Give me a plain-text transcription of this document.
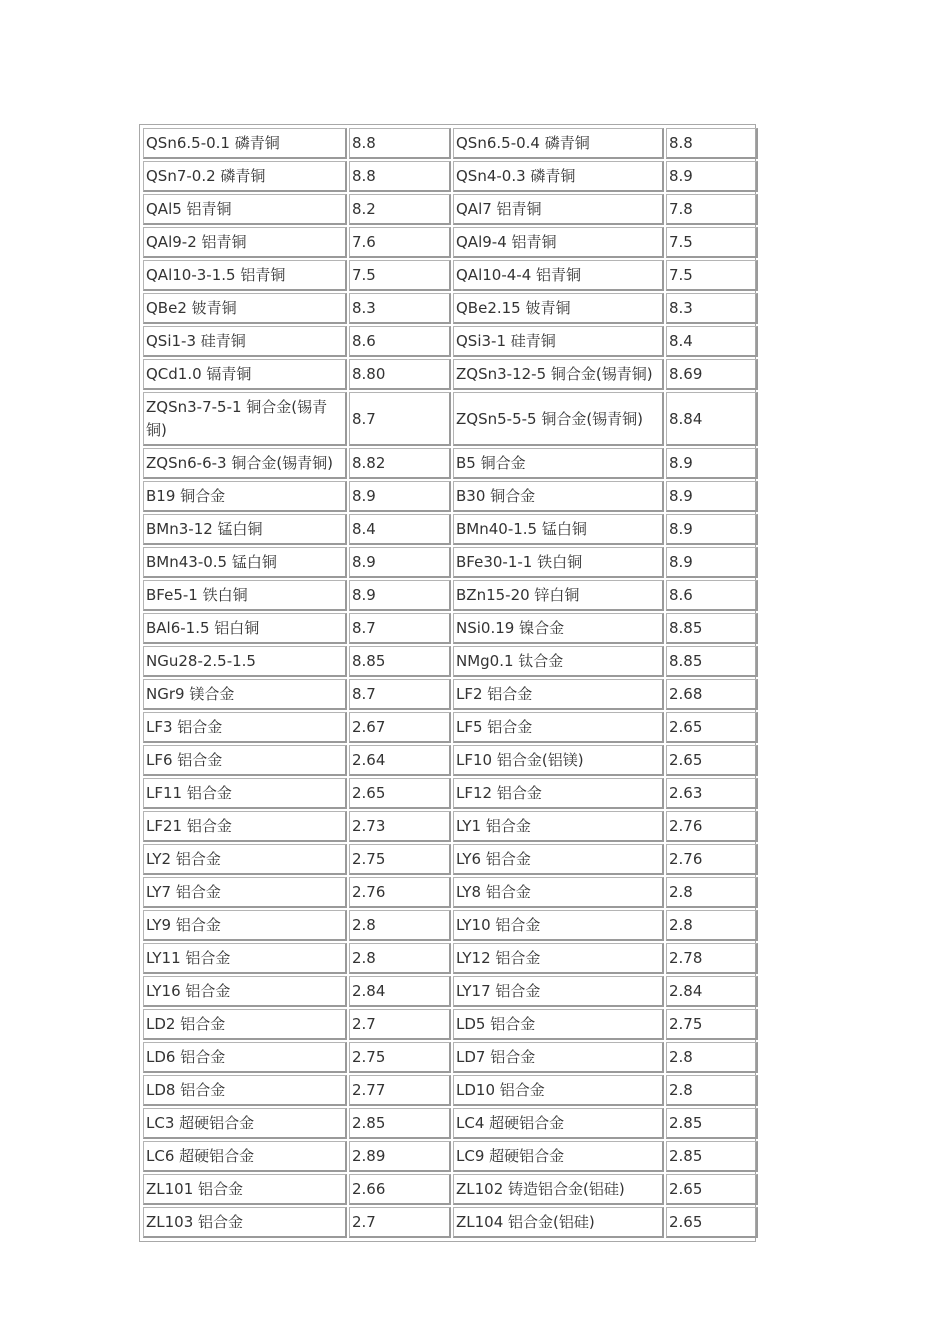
QSn6.5-0.1 磷青铜	8.8	QSn6.5-0.4 磷青铜	8.8
QSn7-0.2 磷青铜	8.8	QSn4-0.3 磷青铜	8.9
QAl5 铝青铜	8.2	QAl7 铝青铜	7.8
QAl9-2 铝青铜	7.6	QAl9-4 铝青铜	7.5
QAl10-3-1.5 铝青铜	7.5	QAl10-4-4 铝青铜	7.5
QBe2 铍青铜	8.3	QBe2.15 铍青铜	8.3
QSi1-3 硅青铜	8.6	QSi3-1 硅青铜	8.4
QCd1.0 镉青铜	8.80	ZQSn3-12-5 铜合金(锡青铜)	8.69
ZQSn3-7-5-1 铜合金(锡青铜)	8.7	ZQSn5-5-5 铜合金(锡青铜)	8.84
ZQSn6-6-3 铜合金(锡青铜)	8.82	B5 铜合金	8.9
B19 铜合金	8.9	B30 铜合金	8.9
BMn3-12 锰白铜	8.4	BMn40-1.5 锰白铜	8.9
BMn43-0.5 锰白铜	8.9	BFe30-1-1 铁白铜	8.9
BFe5-1 铁白铜	8.9	BZn15-20 锌白铜	8.6
BAl6-1.5 铝白铜	8.7	NSi0.19 镍合金	8.85
NGu28-2.5-1.5	8.85	NMg0.1 钛合金	8.85
NGr9 镁合金	8.7	LF2 铝合金	2.68
LF3 铝合金	2.67	LF5 铝合金	2.65
LF6 铝合金	2.64	LF10 铝合金(铝镁)	2.65
LF11 铝合金	2.65	LF12 铝合金	2.63
LF21 铝合金	2.73	LY1 铝合金	2.76
LY2 铝合金	2.75	LY6 铝合金	2.76
LY7 铝合金	2.76	LY8 铝合金	2.8
LY9 铝合金	2.8	LY10 铝合金	2.8
LY11 铝合金	2.8	LY12 铝合金	2.78
LY16 铝合金	2.84	LY17 铝合金	2.84
LD2 铝合金	2.7	LD5 铝合金	2.75
LD6 铝合金	2.75	LD7 铝合金	2.8
LD8 铝合金	2.77	LD10 铝合金	2.8
LC3 超硬铝合金	2.85	LC4 超硬铝合金	2.85
LC6 超硬铝合金	2.89	LC9 超硬铝合金	2.85
ZL101 铝合金	2.66	ZL102 铸造铝合金(铝硅)	2.65
ZL103 铝合金	2.7	ZL104 铝合金(铝硅)	2.65
